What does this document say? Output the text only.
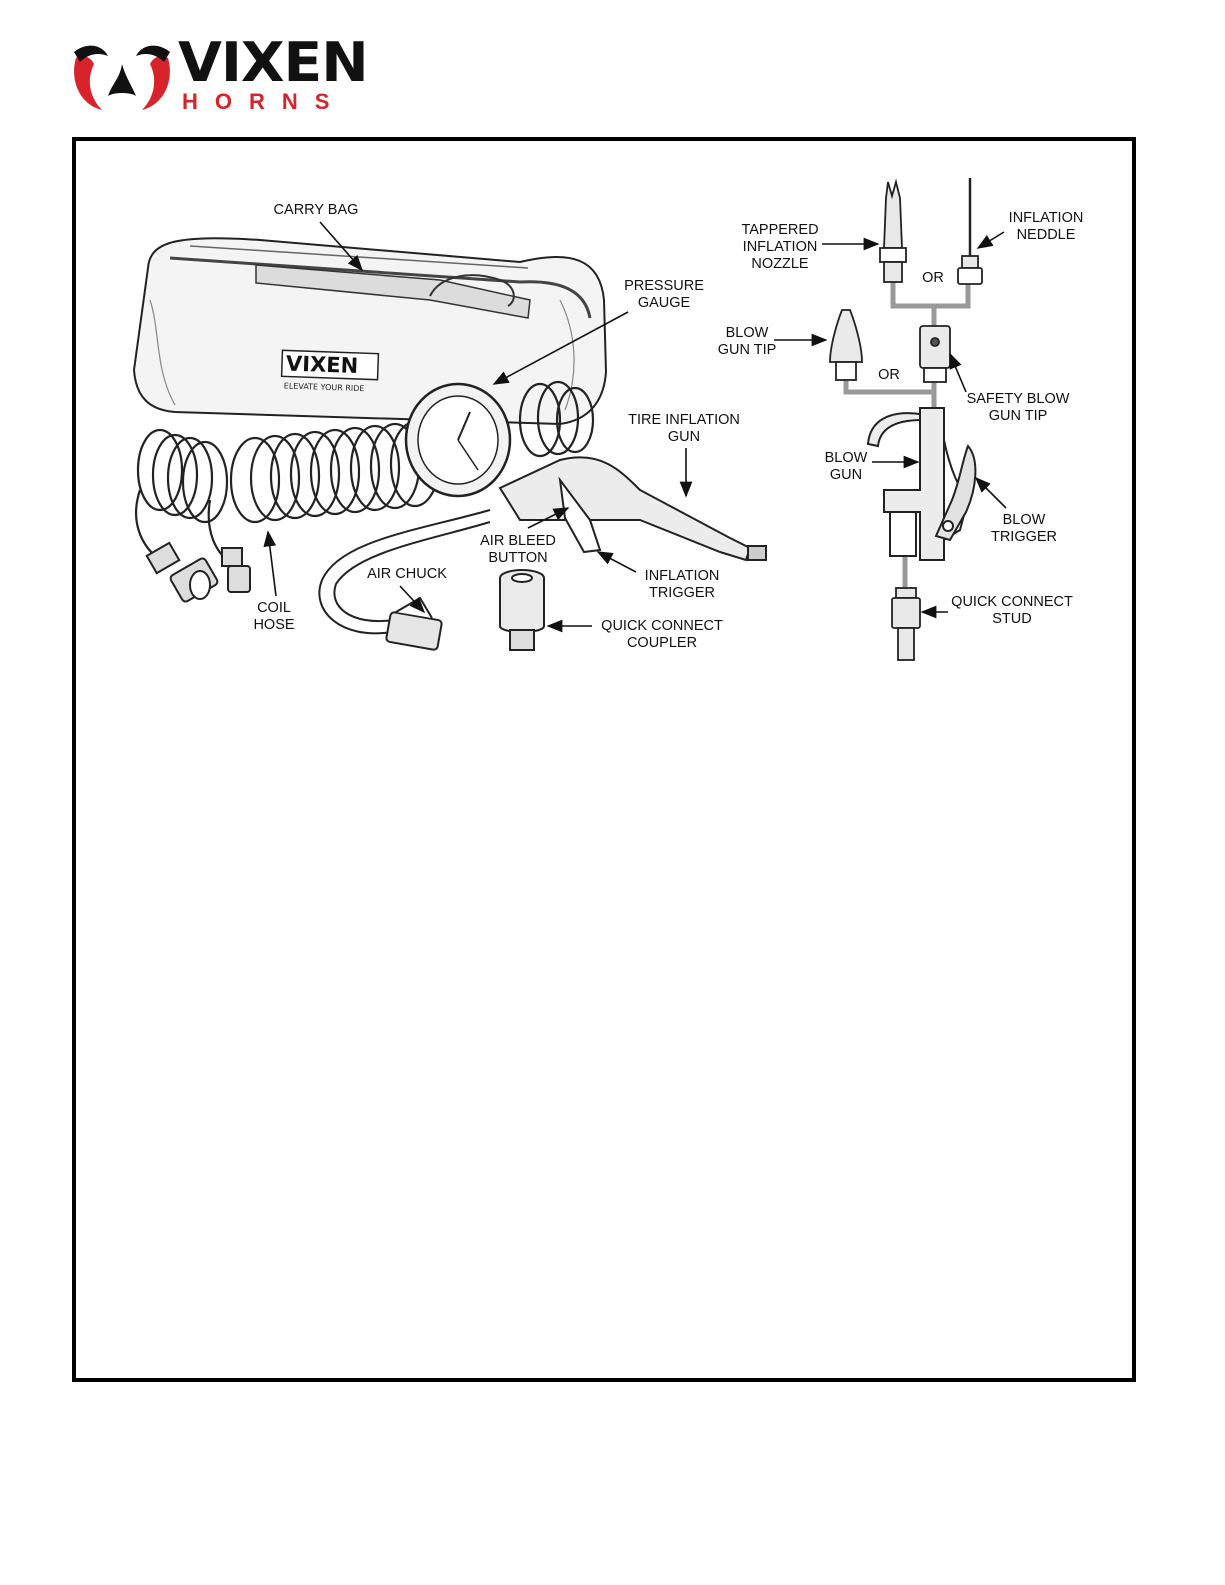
VIXEN
HORNS
VIXEN
ELEVATE YOUR RIDE
CARRY BAG
PRESSURE
GAUGE
TIRE INFLATION
GUN
COIL
HOSE
AIR CHUCK
AIR BLEED
BUTTON
INFLATION
TRIGGER
QUICK CONNECT
COUPLER
TAPPERED
INFLATION
NOZZLE
INFLATION
NEDDLE
OR
BLOW
GUN TIP
OR
SAFETY BLOW
GUN TIP
BLOW
GUN
BLOW
TRIGGER
QUICK CONNECT
STUD
